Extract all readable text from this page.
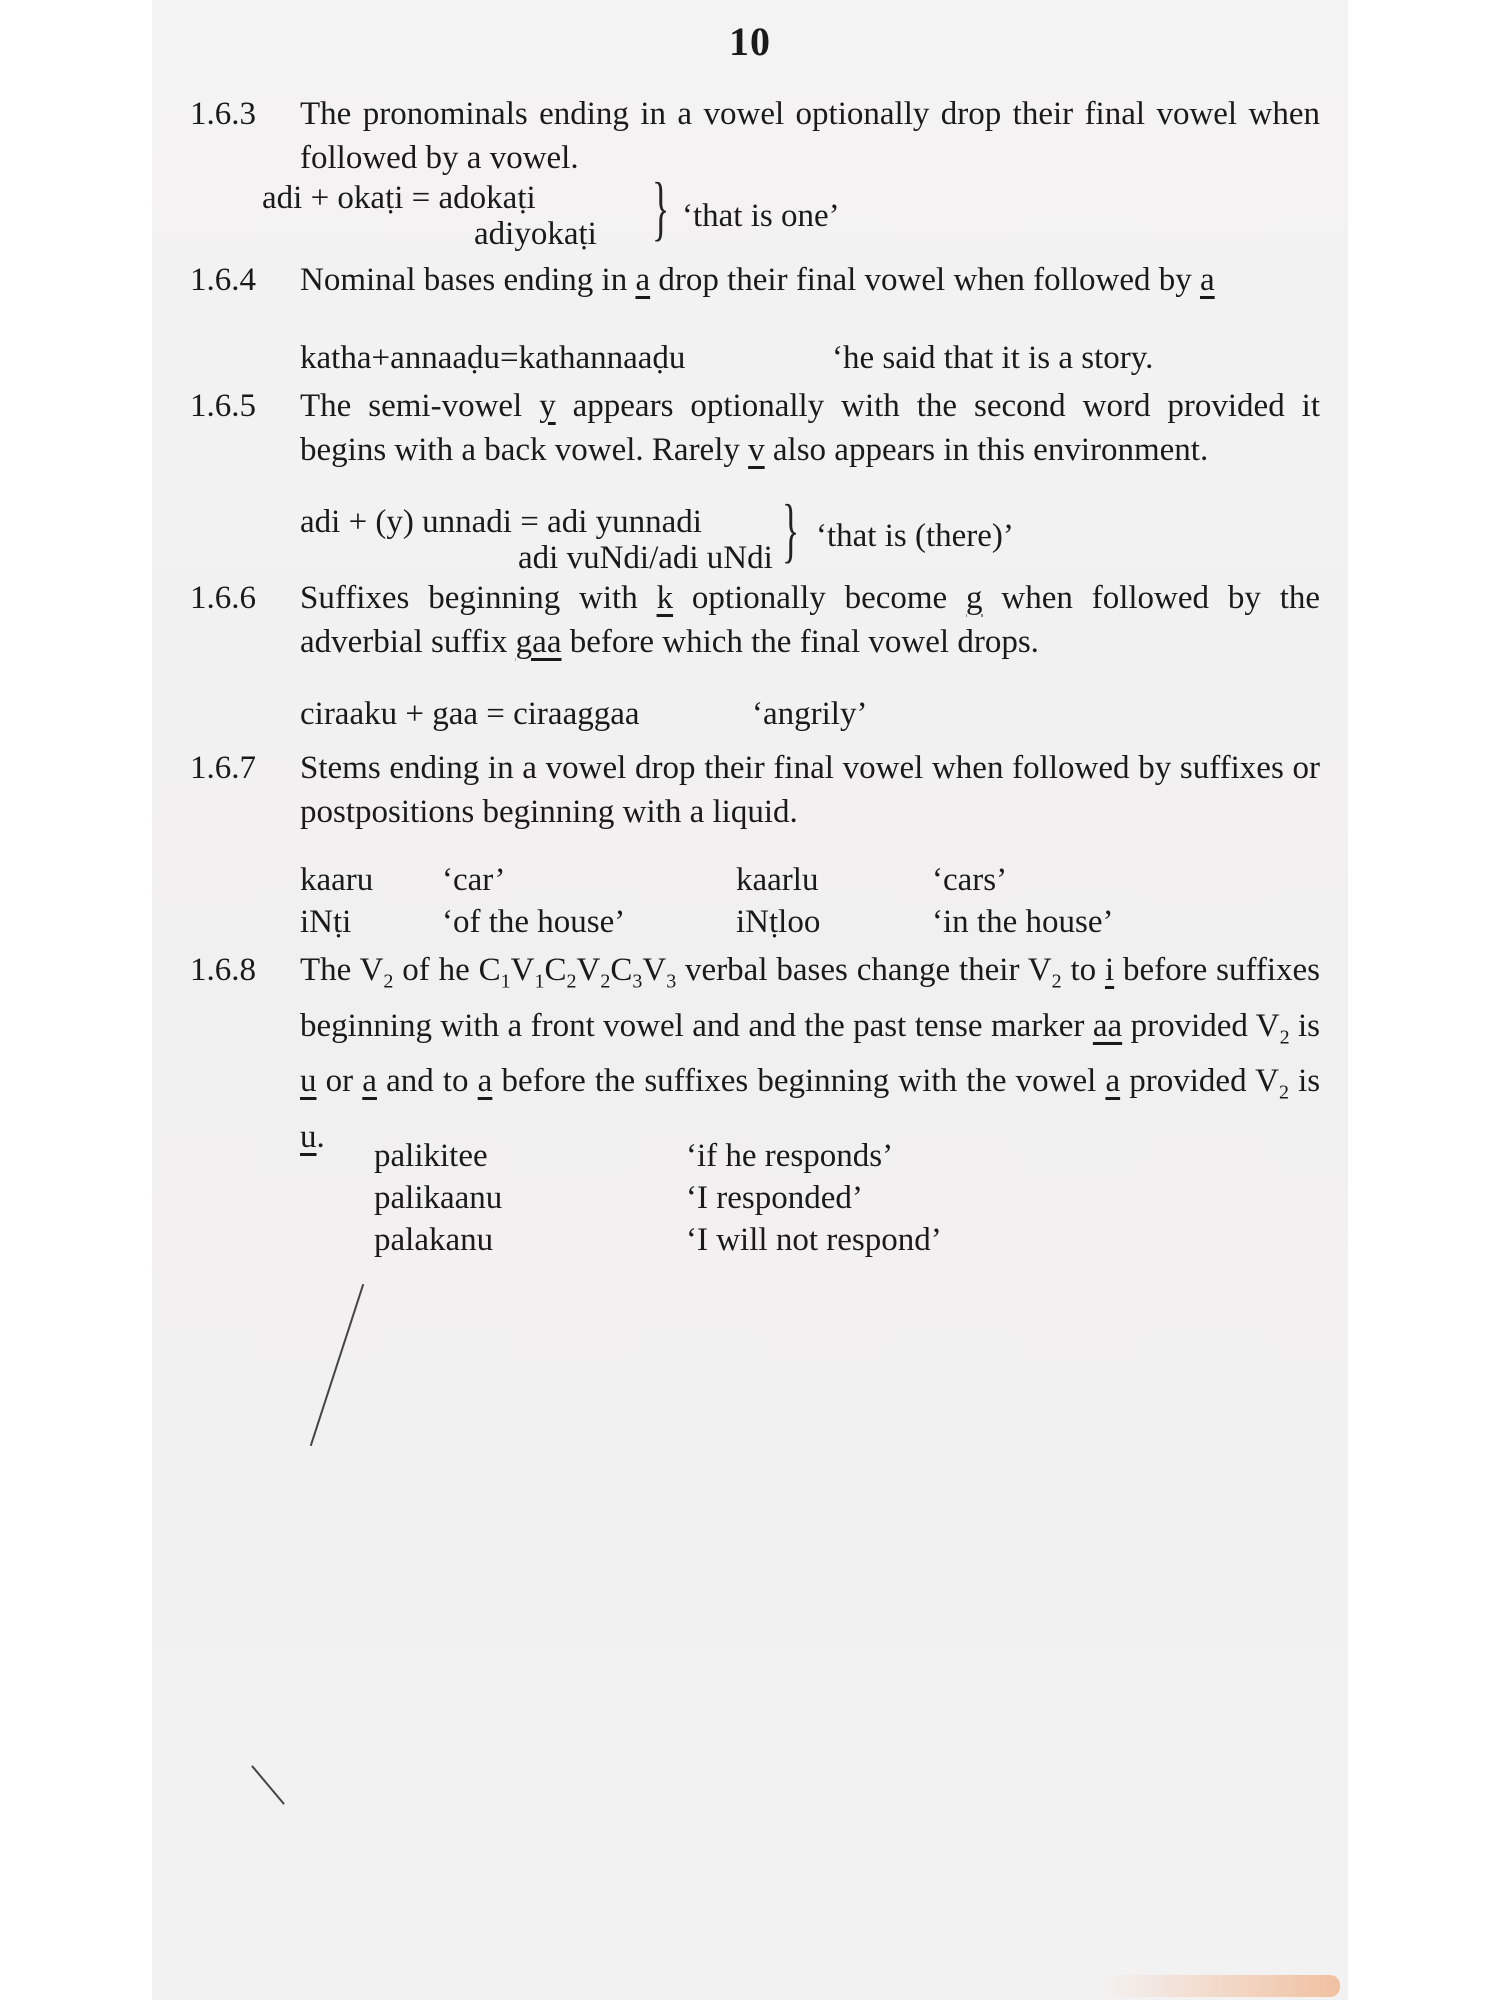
10
1.6.3	The pronominals ending in a vowel optionally drop their final vowel when followed by a vowel.
adi + okaṭi = adokaṭi
adiyokaṭi } ‘that is one’
1.6.4	Nominal bases ending in a drop their final vowel when followed by a
katha+annaaḍu=kathannaaḍu	‘he said that it is a story.
1.6.5	The semi-vowel y appears optionally with the second word provided it begins with a back vowel. Rarely v also appears in this environment.
adi + (y) unnadi = adi yunnadi
adi vuNdi/adi uNdi } ‘that is (there)’
1.6.6	Suffixes beginning with k optionally become g when followed by the adverbial suffix gaa before which the final vowel drops.
ciraaku + gaa = ciraaggaa	‘angrily’
1.6.7	Stems ending in a vowel drop their final vowel when followed by suffixes or postpositions beginning with a liquid.
kaaru ‘car’	kaarlu	‘cars’
iNṭi	‘of the house’	iNṭloo	‘in the house’
1.6.8	The $V_2$ of he $C_1V_1C_2V_2C_3V_3$ verbal bases change their $V_2$ to i before suffixes beginning with a front vowel and and the past tense marker aa provided $V_2$ is u or a and to a before the suffixes beginning with the vowel a provided $V_2$ is u.
palikitee	‘if he responds’
palikaanu	‘I responded’
palakanu	‘I will not respond’
